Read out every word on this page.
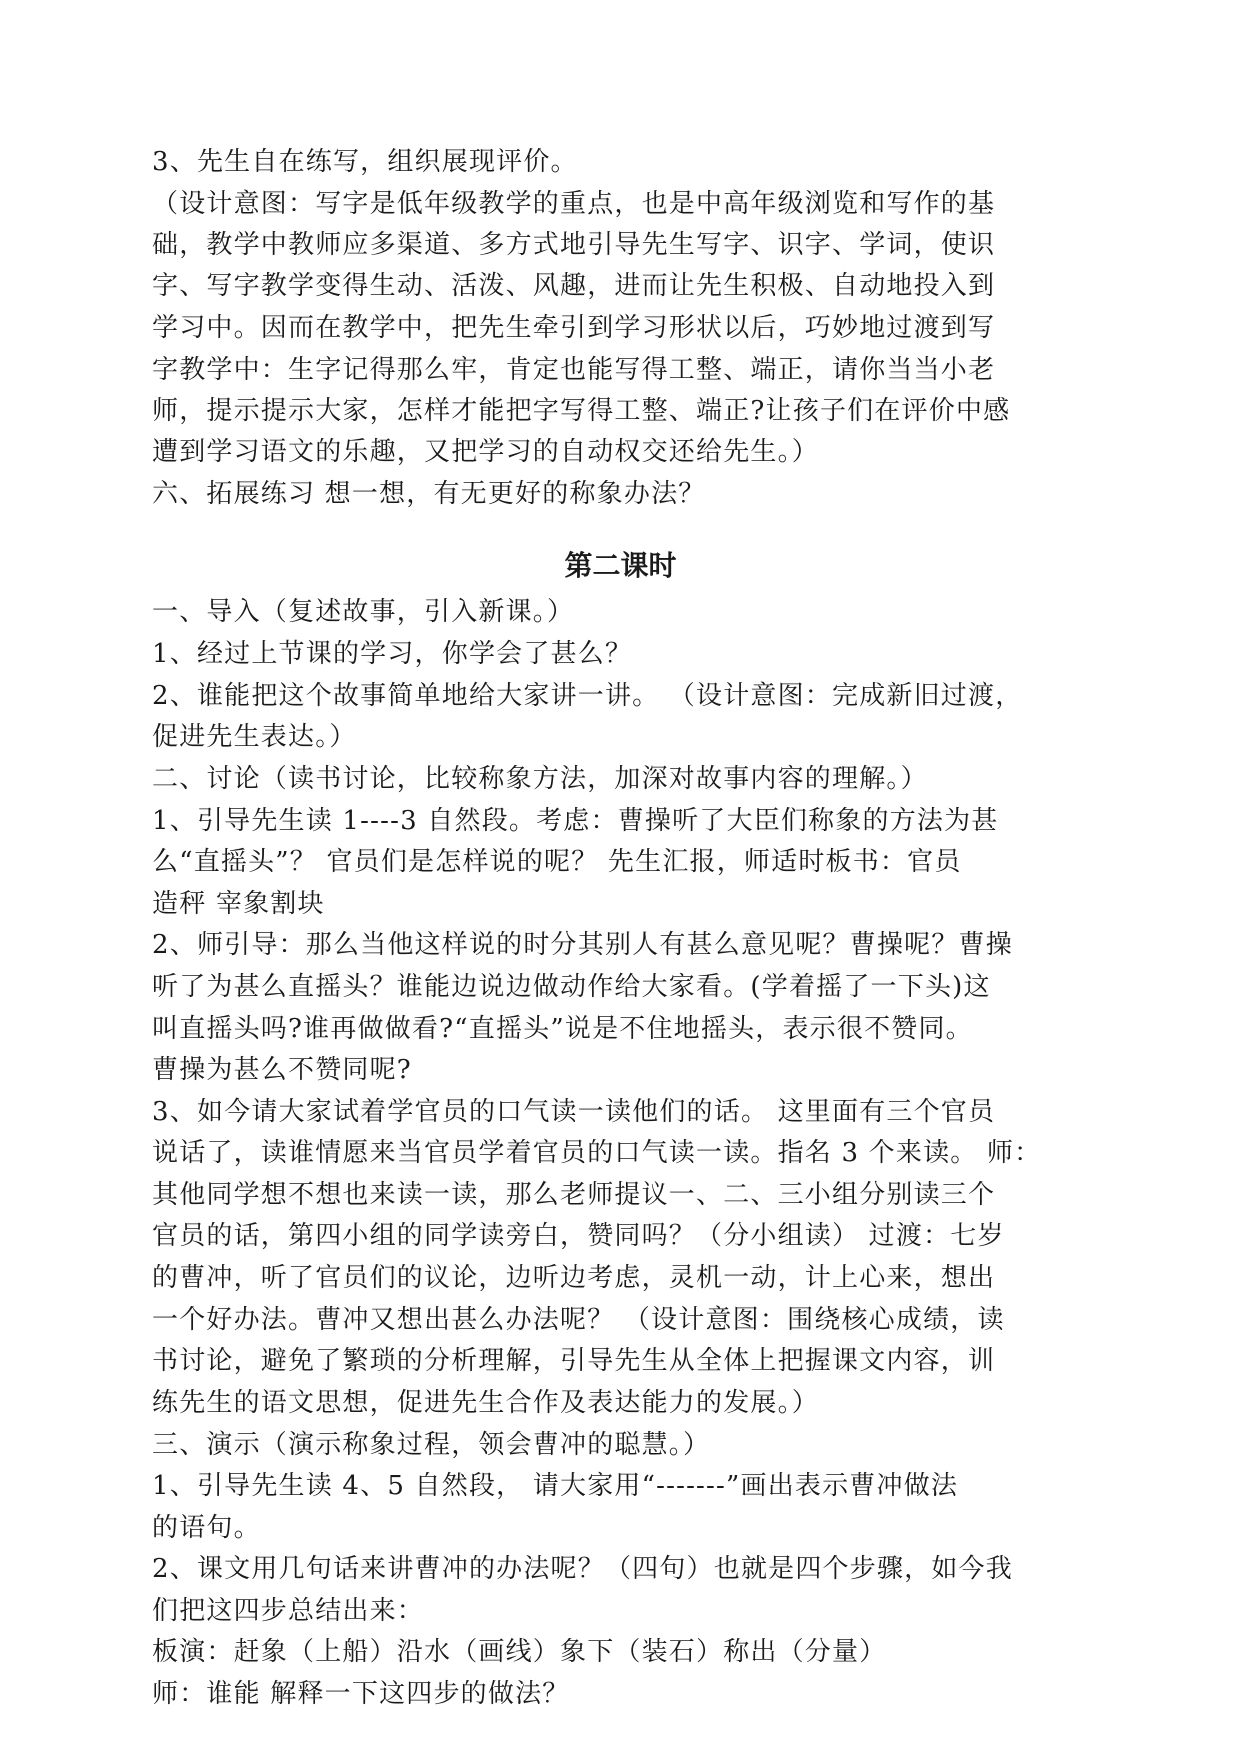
3、先生自在练写，组织展现评价。
（设计意图：写字是低年级教学的重点，也是中高年级浏览和写作的基
础，教学中教师应多渠道、多方式地引导先生写字、识字、学词，使识
字、写字教学变得生动、活泼、风趣，进而让先生积极、自动地投入到
学习中。因而在教学中，把先生牵引到学习形状以后，巧妙地过渡到写
字教学中：生字记得那么牢，肯定也能写得工整、端正，请你当当小老
师，提示提示大家，怎样才能把字写得工整、端正?让孩子们在评价中感
遭到学习语文的乐趣，又把学习的自动权交还给先生。）
六、拓展练习 想一想，有无更好的称象办法？
第二课时
一、导入（复述故事，引入新课。）
1、经过上节课的学习，你学会了甚么？
2、谁能把这个故事简单地给大家讲一讲。 （设计意图：完成新旧过渡，
促进先生表达。）
二、讨论（读书讨论，比较称象方法，加深对故事内容的理解。）
1、引导先生读 1----3 自然段。考虑：曹操听了大臣们称象的方法为甚
么“直摇头”？ 官员们是怎样说的呢？ 先生汇报，师适时板书：官员
造秤 宰象割块
2、师引导：那么当他这样说的时分其别人有甚么意见呢？曹操呢？曹操
听了为甚么直摇头？谁能边说边做动作给大家看。(学着摇了一下头)这
叫直摇头吗?谁再做做看?“直摇头”说是不住地摇头，表示很不赞同。
曹操为甚么不赞同呢?
3、如今请大家试着学官员的口气读一读他们的话。 这里面有三个官员
说话了，读谁情愿来当官员学着官员的口气读一读。指名 3 个来读。 师：
其他同学想不想也来读一读，那么老师提议一、二、三小组分别读三个
官员的话，第四小组的同学读旁白，赞同吗？（分小组读） 过渡：七岁
的曹冲，听了官员们的议论，边听边考虑，灵机一动，计上心来，想出
一个好办法。曹冲又想出甚么办法呢？ （设计意图：围绕核心成绩，读
书讨论，避免了繁琐的分析理解，引导先生从全体上把握课文内容，训
练先生的语文思想，促进先生合作及表达能力的发展。）
三、演示（演示称象过程，领会曹冲的聪慧。）
1、引导先生读 4、5 自然段， 请大家用“-------”画出表示曹冲做法
的语句。
2、课文用几句话来讲曹冲的办法呢？（四句）也就是四个步骤，如今我
们把这四步总结出来：
板演：赶象（上船）沿水（画线）象下（装石）称出（分量）
师：谁能 解释一下这四步的做法？
